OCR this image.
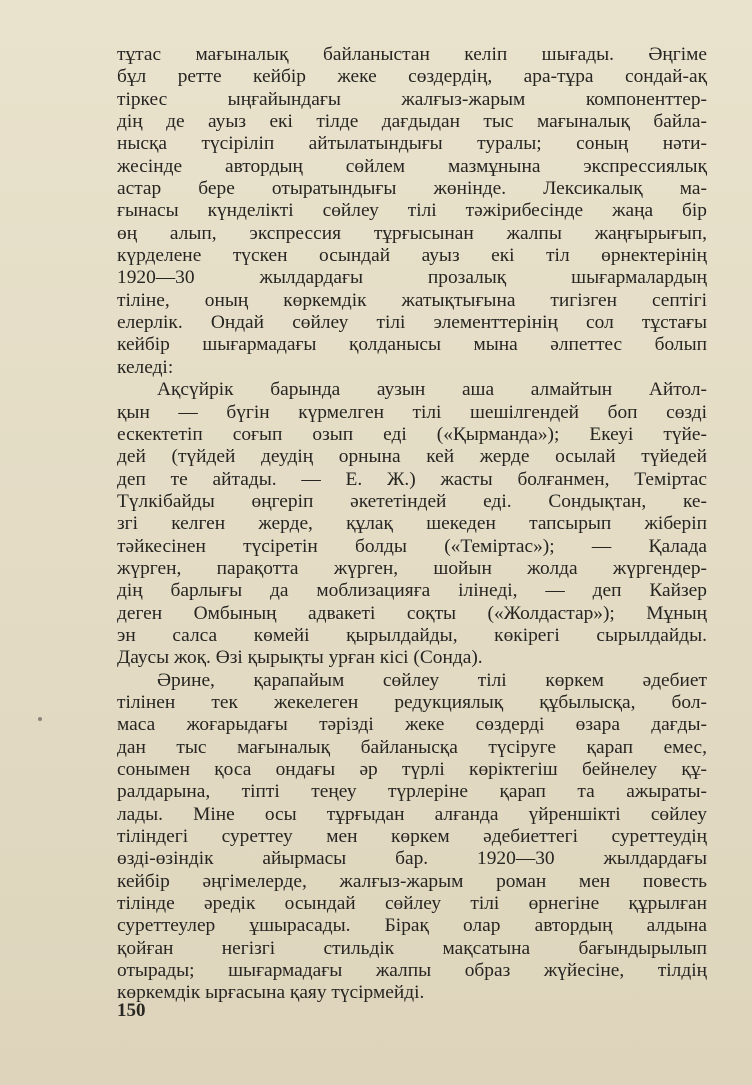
тұтас мағыналық байланыстан келіп шығады. Әңгіме
бұл ретте кейбір жеке сөздердің, ара-тұра сондай-ақ
тіркес ыңғайындағы жалғыз-жарым компоненттер-
дің де ауыз екі тілде дағдыдан тыс мағыналық байла-
нысқа түсіріліп айтылатындығы туралы; соның нәти-
жесінде автордың сөйлем мазмұнына экспрессиялық
астар бере отыратындығы жөнінде. Лексикалық ма-
ғынасы күнделікті сөйлеу тілі тәжірибесінде жаңа бір
өң алып, экспрессия тұрғысынан жалпы жаңғырығып,
күрделене түскен осындай ауыз екі тіл өрнектерінің
1920—30 жылдардағы прозалық шығармалардың
тіліне, оның көркемдік жатықтығына тигізген септігі
елерлік. Ондай сөйлеу тілі элементтерінің сол тұстағы
кейбір шығармадағы қолданысы мына әлпеттес болып
келеді:
Ақсүйрік барында аузын аша алмайтын Айтол-
қын — бүгін күрмелген тілі шешілгендей боп сөзді
ескектетіп соғып озып еді («Қырманда»); Екеуі түйе-
дей (түйдей деудің орнына кей жерде осылай түйедей
деп те айтады. — Е. Ж.) жасты болғанмен, Теміртас
Түлкібайды өңгеріп әкететіндей еді. Сондықтан, ке-
згі келген жерде, құлақ шекеден тапсырып жіберіп
тәйкесінен түсіретін болды («Теміртас»); — Қалада
жүрген, парақотта жүрген, шойын жолда жүргендер-
дің барлығы да моблизацияға ілінеді, — деп Кайзер
деген Омбының адвакеті соқты («Жолдастар»); Мұның
эн салса көмейі қырылдайды, көкірегі сырылдайды.
Даусы жоқ. Өзі қырықты урған кісі (Сонда).
Әрине, қарапайым сөйлеу тілі көркем әдебиет
тілінен тек жекелеген редукциялық құбылысқа, бол-
маса жоғарыдағы тәрізді жеке сөздерді өзара дағды-
дан тыс мағыналық байланысқа түсіруге қарап емес,
сонымен қоса ондағы әр түрлі көріктегіш бейнелеу құ-
ралдарына, тіпті теңеу түрлеріне қарап та ажыраты-
лады. Міне осы тұрғыдан алғанда үйреншікті сөйлеу
тіліндегі суреттеу мен көркем әдебиеттегі суреттеудің
өзді-өзіндік айырмасы бар. 1920—30 жылдардағы
кейбір әңгімелерде, жалғыз-жарым роман мен повесть
тілінде әредік осындай сөйлеу тілі өрнегіне құрылған
суреттеулер ұшырасады. Бірақ олар автордың алдына
қойған негізгі стильдік мақсатына бағындырылып
отырады; шығармадағы жалпы образ жүйесіне, тілдің
көркемдік ырғасына қаяу түсірмейді.
150
